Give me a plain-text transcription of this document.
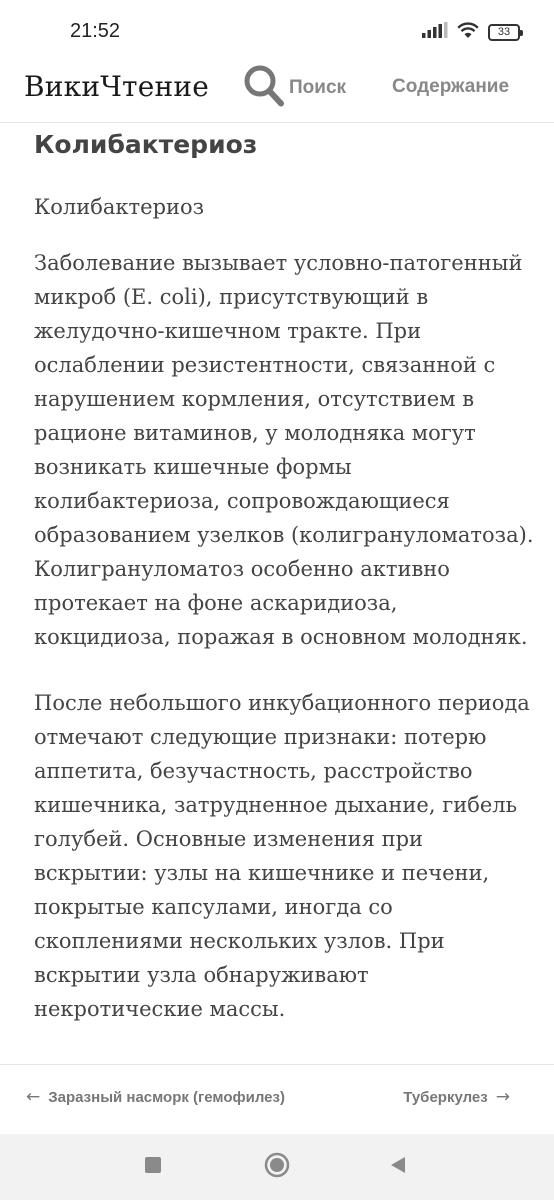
21:52	33
ВикиЧтение	Поиск Содержание
Колибактериоз

Колибактериоз

Заболевание вызывает условно-патогенный микроб (E. coli), присутствующий в желудочно-кишечном тракте. При ослаблении резистентности, связанной с нарушением кормления, отсутствием в рационе витаминов, у молодняка могут возникать кишечные формы колибактериоза, сопровождающиеся образованием узелков (колигрануломатоза). Колигрануломатоз особенно активно протекает на фоне аскаридиоза, кокцидиоза, поражая в основном молодняк.

После небольшого инкубационного периода отмечают следующие признаки: потерю аппетита, безучастность, расстройство кишечника, затрудненное дыхание, гибель голубей. Основные изменения при вскрытии: узлы на кишечнике и печени, покрытые капсулами, иногда со скоплениями нескольких узлов. При вскрытии узла обнаруживают некротические массы.

← Заразный насморк (гемофилез)	Туберкулез →
